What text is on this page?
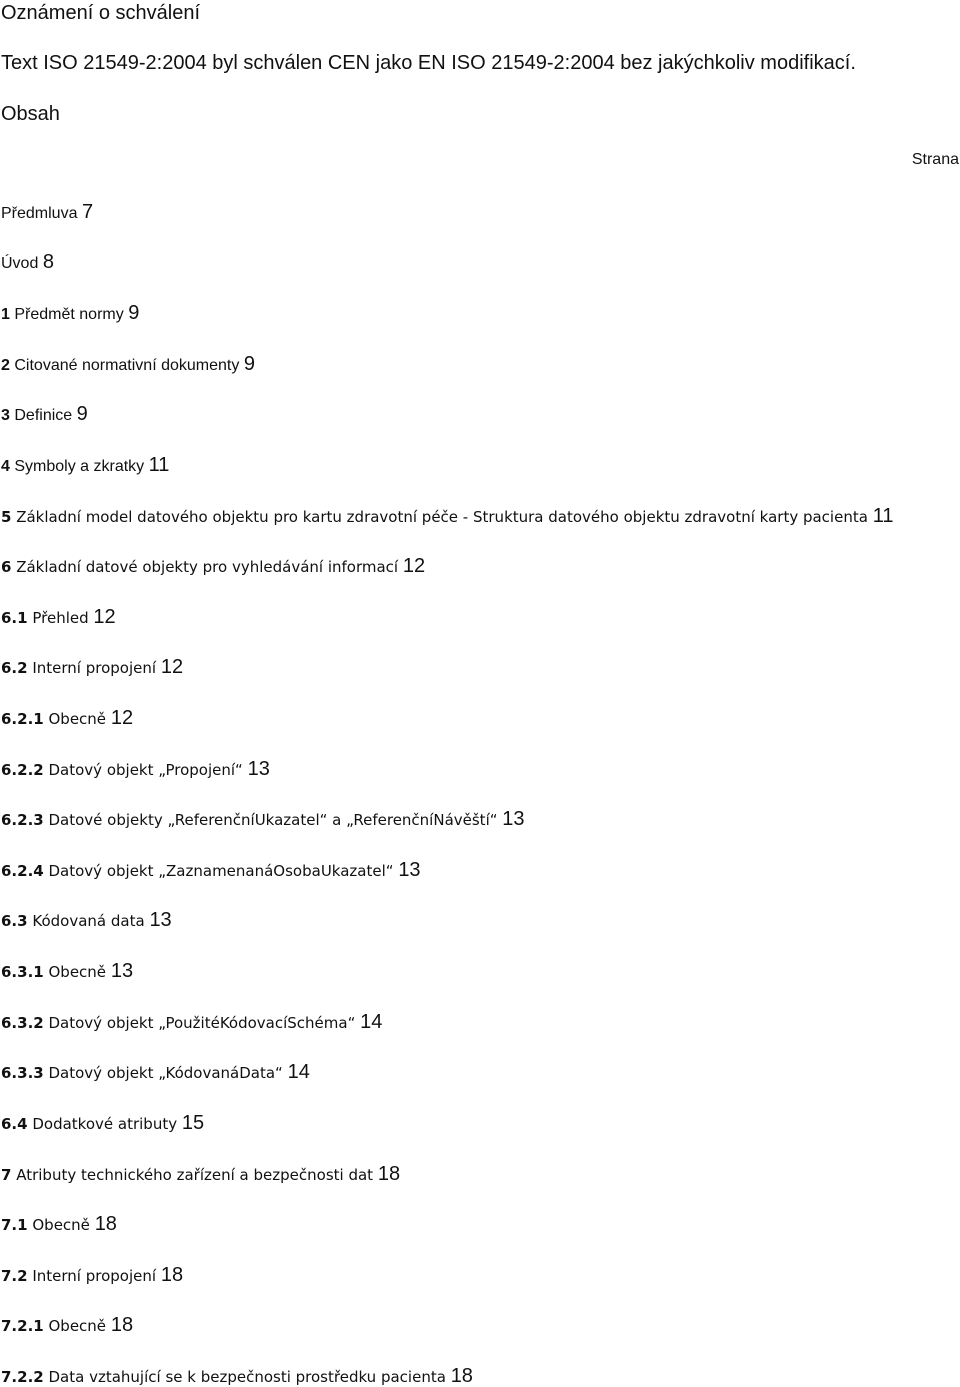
Oznámení o schválení
Text ISO 21549-2:2004 byl schválen CEN jako EN ISO 21549-2:2004 bez jakýchkoliv modifikací.
Obsah
Strana
Předmluva 7
Úvod 8
1 Předmět normy 9
2 Citované normativní dokumenty 9
3 Definice 9
4 Symboly a zkratky 11
5 Základní model datového objektu pro kartu zdravotní péče - Struktura datového objektu zdravotní karty pacienta 11
6 Základní datové objekty pro vyhledávání informací 12
6.1 Přehled 12
6.2 Interní propojení 12
6.2.1 Obecně 12
6.2.2 Datový objekt „Propojení“ 13
6.2.3 Datové objekty „ReferenčníUkazatel“ a „ReferenčníNávěští“ 13
6.2.4 Datový objekt „ZaznamenanáOsobaUkazatel“ 13
6.3 Kódovaná data 13
6.3.1 Obecně 13
6.3.2 Datový objekt „PoužitéKódovacíSchéma“ 14
6.3.3 Datový objekt „KódovanáData“ 14
6.4 Dodatkové atributy 15
7 Atributy technického zařízení a bezpečnosti dat 18
7.1 Obecně 18
7.2 Interní propojení 18
7.2.1 Obecně 18
7.2.2 Data vztahující se k bezpečnosti prostředku pacienta 18
